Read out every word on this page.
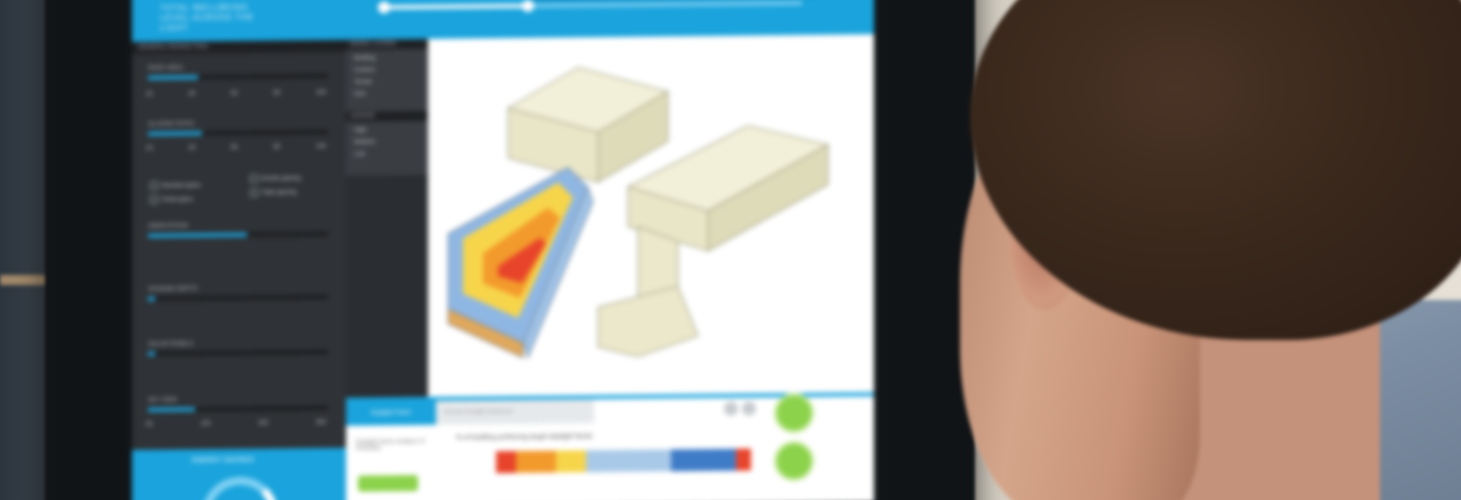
TOTAL WELLBEING LEVEL ACROSS THE LIGHT
GENERAL DESIGN TOOL
ROOF AREA
20	40	60	80	100
GLAZING RATIO
20	40	60	80	100
Standard glass
Tinted glass
Double glazing
Triple glazing
ORIENTATION
SHADING DEPTH
SOLAR PANELS
SKY VIEW
50	100	200	500
ENERGY SAVINGS
MODEL LAYERS
Building
Context
Terrain
Grid
LEGEND
High
Medium
Low
Daylight Factor	Annual Sunlight Exposure
Daylight factor analysis of floorplate
% of building achieving target daylight factor
